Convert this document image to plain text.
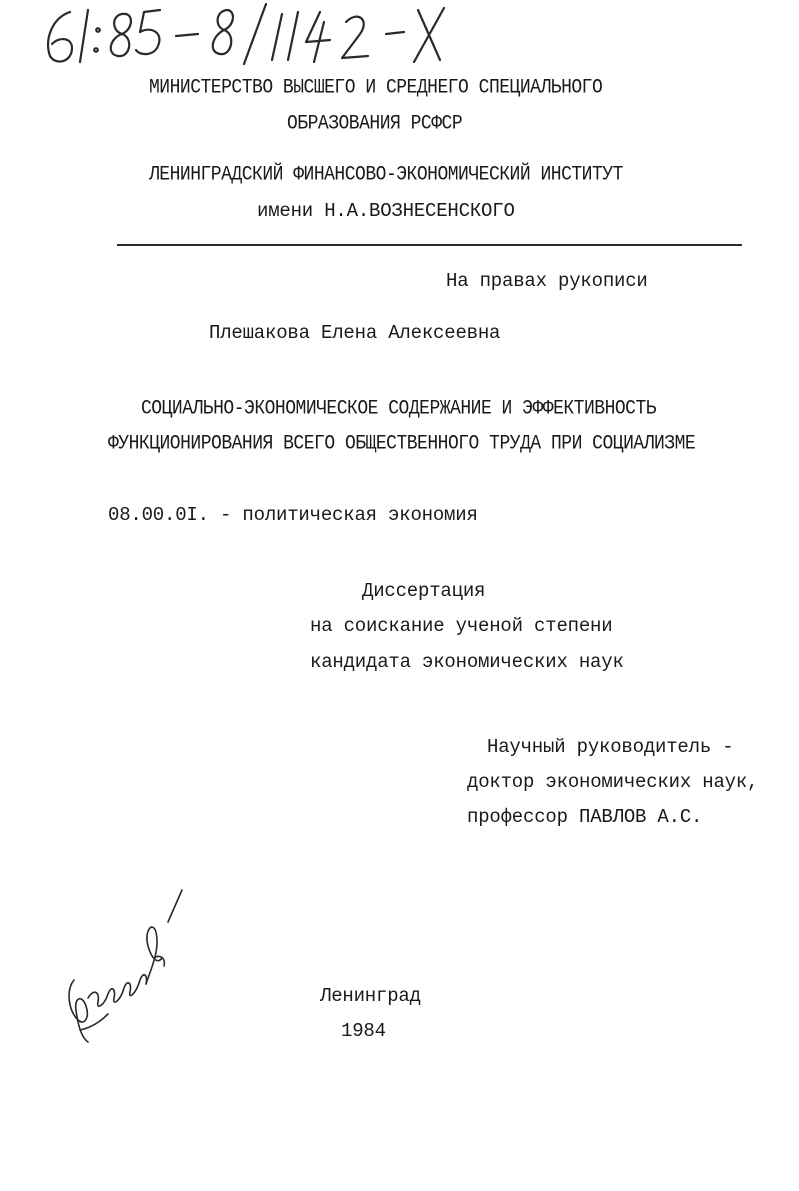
МИНИСТЕРСТВО ВЫСШЕГО И СРЕДНЕГО СПЕЦИАЛЬНОГО
ОБРАЗОВАНИЯ РСФСР
ЛЕНИНГРАДСКИЙ ФИНАНСОВО-ЭКОНОМИЧЕСКИЙ ИНСТИТУТ
имени Н.А.ВОЗНЕСЕНСКОГО
На правах рукописи
Плешакова Елена Алексеевна
СОЦИАЛЬНО-ЭКОНОМИЧЕСКОЕ СОДЕРЖАНИЕ И ЭФФЕКТИВНОСТЬ
ФУНКЦИОНИРОВАНИЯ ВСЕГО ОБЩЕСТВЕННОГО ТРУДА ПРИ СОЦИАЛИЗМЕ
08.00.0I. - политическая экономия
Диссертация
на соискание ученой степени
кандидата экономических наук
Научный руководитель -
доктор экономических наук,
профессор ПАВЛОВ А.С.
Ленинград
1984
